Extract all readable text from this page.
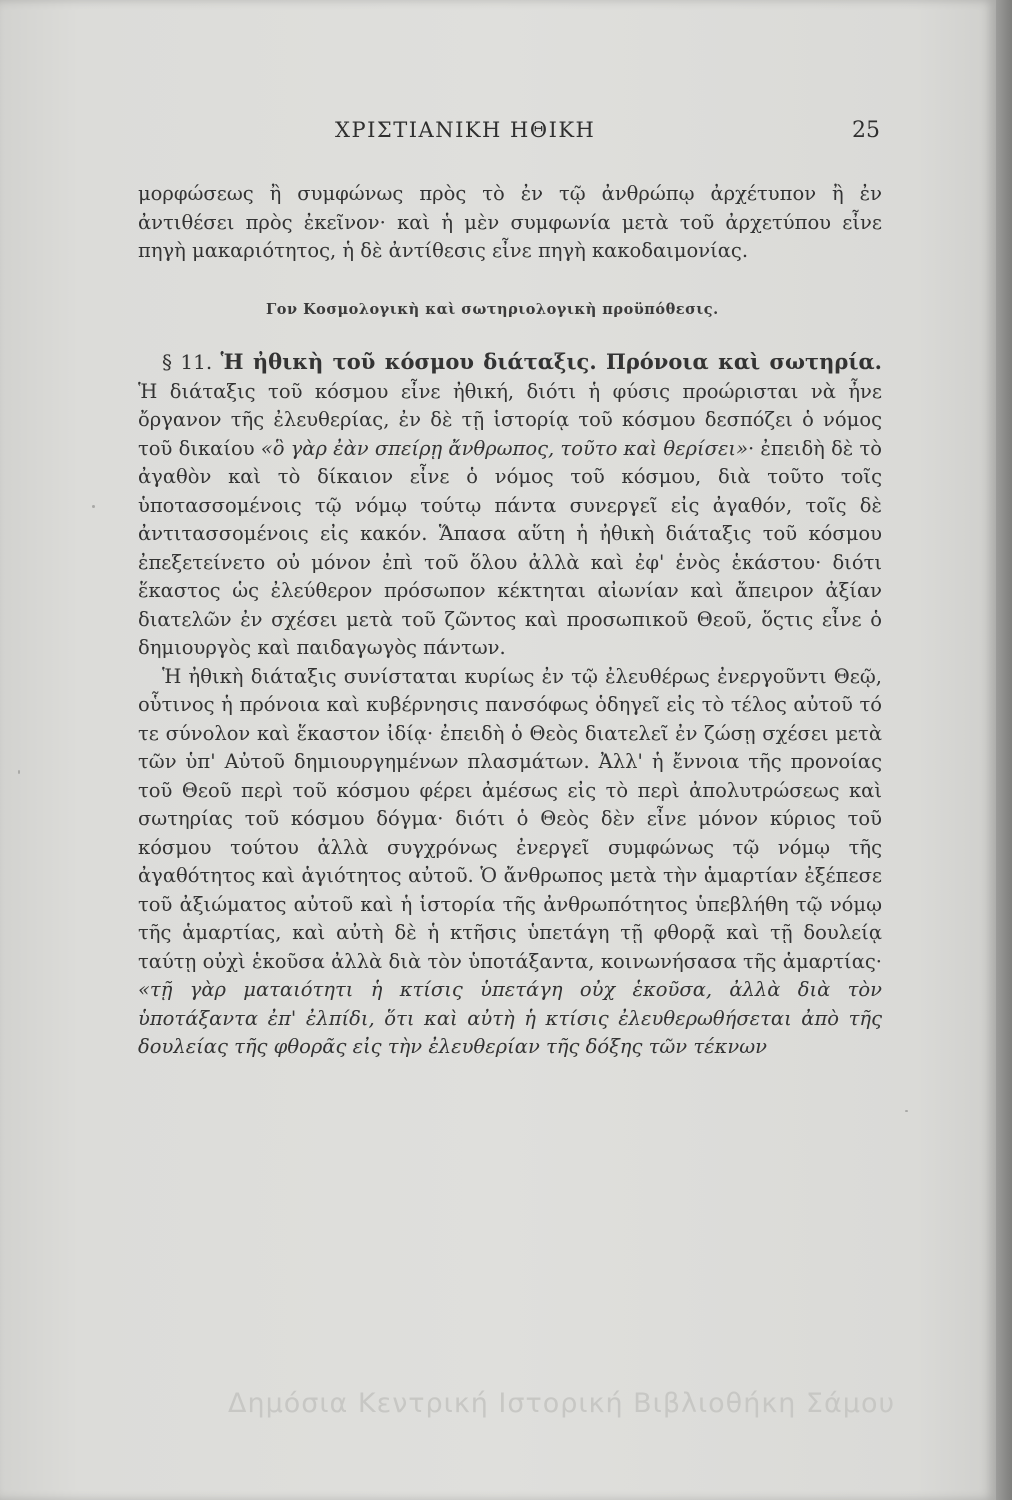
ΧΡΙΣΤΙΑΝΙΚΗ ΗΘΙΚΗ	25

μορφώσεως ἢ συμφώνως πρὸς τὸ ἐν τῷ ἀνθρώπῳ ἀρχέτυπον ἢ ἐν ἀντιθέσει πρὸς ἐκεῖνον· καὶ ἡ μὲν συμφωνία μετὰ τοῦ ἀρχετύπου εἶνε πηγὴ μακαριότητος, ἡ δὲ ἀντίθεσις εἶνε πηγὴ κακοδαιμονίας.

Γον Κοσμολογικὴ καὶ σωτηριολογικὴ προϋπόθεσις.

§ 11. Ἡ ἠθικὴ τοῦ κόσμου διάταξις. Πρόνοια καὶ σωτηρία. Ἡ διάταξις τοῦ κόσμου εἶνε ἠθική, διότι ἡ φύσις προώρισται νὰ ἦνε ὄργανον τῆς ἐλευθερίας, ἐν δὲ τῇ ἱστορίᾳ τοῦ κόσμου δεσπόζει ὁ νόμος τοῦ δικαίου «ὃ γὰρ ἐὰν σπείρῃ ἄνθρωπος, τοῦτο καὶ θερίσει»· ἐπειδὴ δὲ τὸ ἀγαθὸν καὶ τὸ δίκαιον εἶνε ὁ νόμος τοῦ κόσμου, διὰ τοῦτο τοῖς ὑποτασσομένοις τῷ νόμῳ τούτῳ πάντα συνεργεῖ εἰς ἀγαθόν, τοῖς δὲ ἀντιτασσομένοις εἰς κακόν. Ἅπασα αὕτη ἡ ἠθικὴ διάταξις τοῦ κόσμου ἐπεξετείνετο οὐ μόνον ἐπὶ τοῦ ὅλου ἀλλὰ καὶ ἐφ' ἑνὸς ἑκάστου· διότι ἕκαστος ὡς ἐλεύθερον πρόσωπον κέκτηται αἰωνίαν καὶ ἄπειρον ἀξίαν διατελῶν ἐν σχέσει μετὰ τοῦ ζῶντος καὶ προσωπικοῦ Θεοῦ, ὅςτις εἶνε ὁ δημιουργὸς καὶ παιδαγωγὸς πάντων.

Ἡ ἠθικὴ διάταξις συνίσταται κυρίως ἐν τῷ ἐλευθέρως ἐνεργοῦντι Θεῷ, οὗτινος ἡ πρόνοια καὶ κυβέρνησις πανσόφως ὁδηγεῖ εἰς τὸ τέλος αὐτοῦ τό τε σύνολον καὶ ἕκαστον ἰδίᾳ· ἐπειδὴ ὁ Θεὸς διατελεῖ ἐν ζώσῃ σχέσει μετὰ τῶν ὑπ' Αὐτοῦ δημιουργημένων πλασμάτων. Ἀλλ' ἡ ἔννοια τῆς προνοίας τοῦ Θεοῦ περὶ τοῦ κόσμου φέρει ἀμέσως εἰς τὸ περὶ ἀπολυτρώσεως καὶ σωτηρίας τοῦ κόσμου δόγμα· διότι ὁ Θεὸς δὲν εἶνε μόνον κύριος τοῦ κόσμου τούτου ἀλλὰ συγχρόνως ἐνεργεῖ συμφώνως τῷ νόμῳ τῆς ἀγαθότητος καὶ ἁγιότητος αὐτοῦ. Ὁ ἄνθρωπος μετὰ τὴν ἁμαρτίαν ἐξέπεσε τοῦ ἀξιώματος αὐτοῦ καὶ ἡ ἱστορία τῆς ἀνθρωπότητος ὑπεβλήθη τῷ νόμῳ τῆς ἁμαρτίας, καὶ αὐτὴ δὲ ἡ κτῆσις ὑπετάγη τῇ φθορᾷ καὶ τῇ δουλείᾳ ταύτῃ οὐχὶ ἑκοῦσα ἀλλὰ διὰ τὸν ὑποτάξαντα, κοινωνήσασα τῆς ἁμαρτίας· «τῇ γὰρ ματαιότητι ἡ κτίσις ὑπετάγη οὐχ ἑκοῦσα, ἀλλὰ διὰ τὸν ὑποτάξαντα ἐπ' ἐλπίδι, ὅτι καὶ αὐτὴ ἡ κτίσις ἐλευθερωθήσεται ἀπὸ τῆς δουλείας τῆς φθορᾶς εἰς τὴν ἐλευθερίαν τῆς δόξης τῶν τέκνων

Δημόσια Κεντρική Ιστορική Βιβλιοθήκη Σάμου
